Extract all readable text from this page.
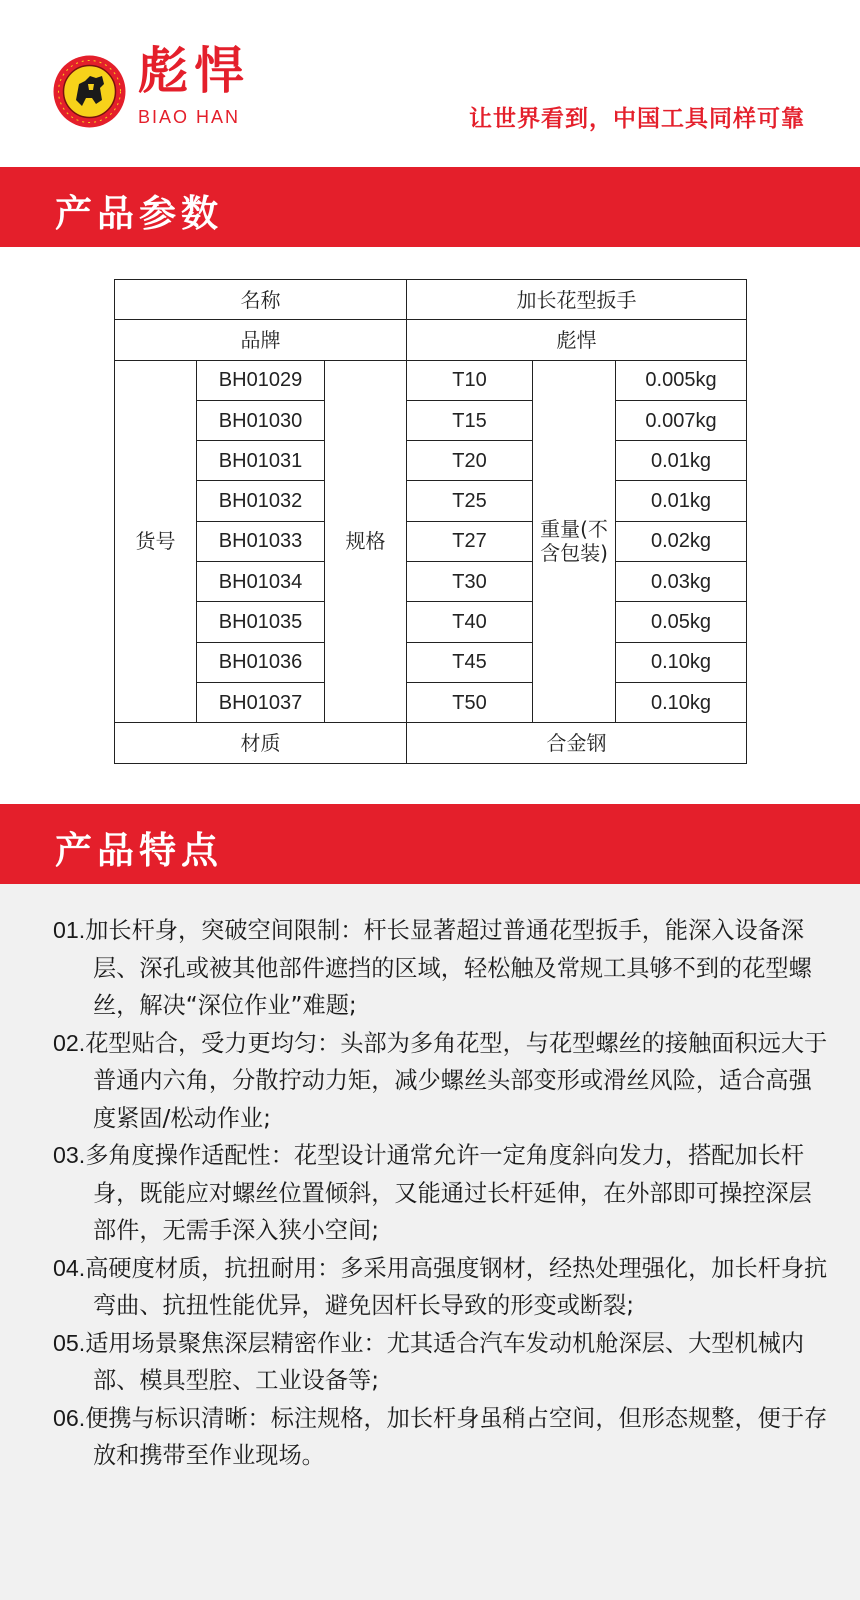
彪悍
BIAO HAN	让世界看到，中国工具同样可靠
产品参数
名称			加长花型扳手		
品牌			彪悍		
货号	BH01029	规格	T10	重量(不含包装)	0.005kg
	BH01030		T15		0.007kg
	BH01031		T20		0.01kg
	BH01032		T25		0.01kg
	BH01033		T27		0.02kg
	BH01034		T30		0.03kg
	BH01035		T40		0.05kg
	BH01036		T45		0.10kg
	BH01037		T50		0.10kg
材质			合金钢		
产品特点
01.加长杆身，突破空间限制：杆长显著超过普通花型扳手，能深入设备深层、深孔或被其他部件遮挡的区域，轻松触及常规工具够不到的花型螺丝，解决“深位作业”难题;
02.花型贴合，受力更均匀：头部为多角花型，与花型螺丝的接触面积远大于普通内六角，分散拧动力矩，减少螺丝头部变形或滑丝风险，适合高强度紧固/松动作业;
03.多角度操作适配性：花型设计通常允许一定角度斜向发力，搭配加长杆身，既能应对螺丝位置倾斜，又能通过长杆延伸，在外部即可操控深层部件，无需手深入狭小空间;
04.高硬度材质，抗扭耐用：多采用高强度钢材，经热处理强化，加长杆身抗弯曲、抗扭性能优异，避免因杆长导致的形变或断裂;
05.适用场景聚焦深层精密作业：尤其适合汽车发动机舱深层、大型机械内部、模具型腔、工业设备等;
06.便携与标识清晰：标注规格，加长杆身虽稍占空间，但形态规整，便于存放和携带至作业现场。
